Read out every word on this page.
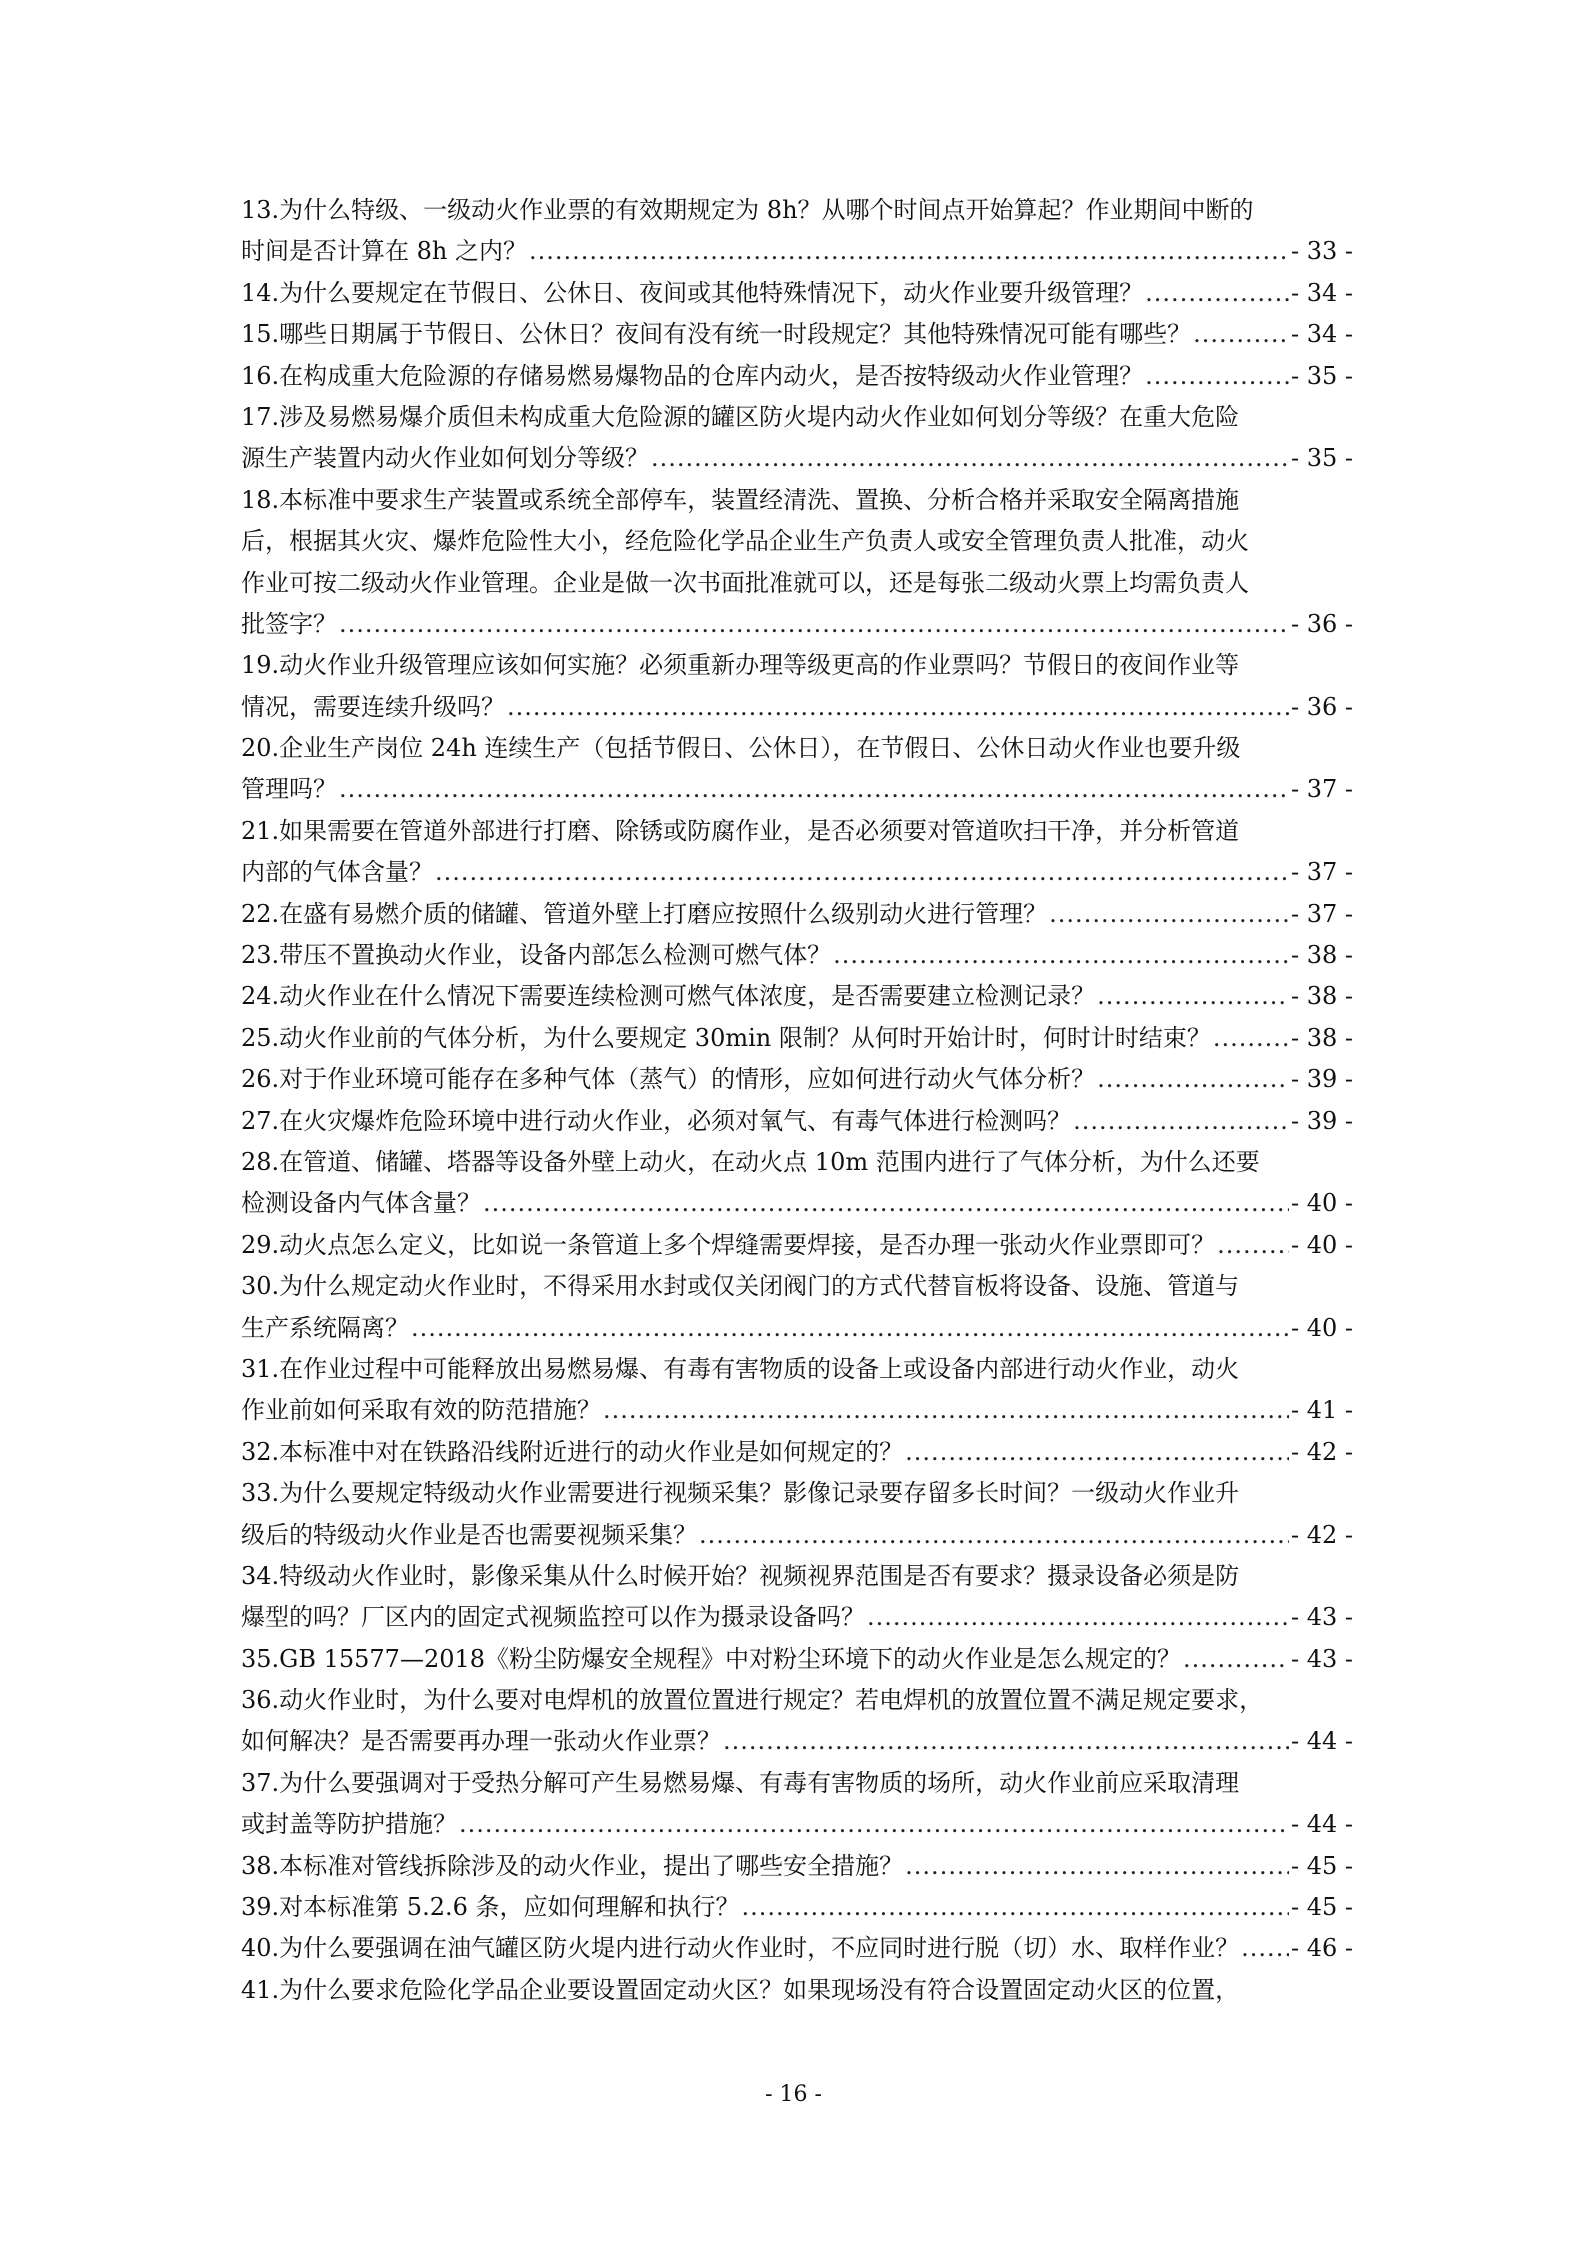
13.为什么特级、一级动火作业票的有效期规定为 8h？从哪个时间点开始算起？作业期间中断的
时间是否计算在 8h 之内？ .....	- 33 -
14.为什么要规定在节假日、公休日、夜间或其他特殊情况下，动火作业要升级管理？ .....	- 34 -
15.哪些日期属于节假日、公休日？夜间有没有统一时段规定？其他特殊情况可能有哪些？ .....	- 34 -
16.在构成重大危险源的存储易燃易爆物品的仓库内动火，是否按特级动火作业管理？ .....	- 35 -
17.涉及易燃易爆介质但未构成重大危险源的罐区防火堤内动火作业如何划分等级？在重大危险
源生产装置内动火作业如何划分等级？ .....	- 35 -
18.本标准中要求生产装置或系统全部停车，装置经清洗、置换、分析合格并采取安全隔离措施
后，根据其火灾、爆炸危险性大小，经危险化学品企业生产负责人或安全管理负责人批准，动火
作业可按二级动火作业管理。企业是做一次书面批准就可以，还是每张二级动火票上均需负责人
批签字？ .....	- 36 -
19.动火作业升级管理应该如何实施？必须重新办理等级更高的作业票吗？节假日的夜间作业等
情况，需要连续升级吗？ .....	- 36 -
20.企业生产岗位 24h 连续生产（包括节假日、公休日），在节假日、公休日动火作业也要升级
管理吗？ .....	- 37 -
21.如果需要在管道外部进行打磨、除锈或防腐作业，是否必须要对管道吹扫干净，并分析管道
内部的气体含量？ .....	- 37 -
22.在盛有易燃介质的储罐、管道外壁上打磨应按照什么级别动火进行管理？ .....	- 37 -
23.带压不置换动火作业，设备内部怎么检测可燃气体？ .....	- 38 -
24.动火作业在什么情况下需要连续检测可燃气体浓度，是否需要建立检测记录？ .....	- 38 -
25.动火作业前的气体分析，为什么要规定 30min 限制？从何时开始计时，何时计时结束？ .....	- 38 -
26.对于作业环境可能存在多种气体（蒸气）的情形，应如何进行动火气体分析？ .....	- 39 -
27.在火灾爆炸危险环境中进行动火作业，必须对氧气、有毒气体进行检测吗？ .....	- 39 -
28.在管道、储罐、塔器等设备外壁上动火，在动火点 10m 范围内进行了气体分析，为什么还要
检测设备内气体含量？ .....	- 40 -
29.动火点怎么定义，比如说一条管道上多个焊缝需要焊接，是否办理一张动火作业票即可？ .....	- 40 -
30.为什么规定动火作业时，不得采用水封或仅关闭阀门的方式代替盲板将设备、设施、管道与
生产系统隔离？ .....	- 40 -
31.在作业过程中可能释放出易燃易爆、有毒有害物质的设备上或设备内部进行动火作业，动火
作业前如何采取有效的防范措施？ .....	- 41 -
32.本标准中对在铁路沿线附近进行的动火作业是如何规定的？ .....	- 42 -
33.为什么要规定特级动火作业需要进行视频采集？影像记录要存留多长时间？一级动火作业升
级后的特级动火作业是否也需要视频采集？ .....	- 42 -
34.特级动火作业时，影像采集从什么时候开始？视频视界范围是否有要求？摄录设备必须是防
爆型的吗？厂区内的固定式视频监控可以作为摄录设备吗？ .....	- 43 -
35.GB 15577—2018《粉尘防爆安全规程》中对粉尘环境下的动火作业是怎么规定的？ .....	- 43 -
36.动火作业时，为什么要对电焊机的放置位置进行规定？若电焊机的放置位置不满足规定要求，
如何解决？是否需要再办理一张动火作业票？ .....	- 44 -
37.为什么要强调对于受热分解可产生易燃易爆、有毒有害物质的场所，动火作业前应采取清理
或封盖等防护措施？ .....	- 44 -
38.本标准对管线拆除涉及的动火作业，提出了哪些安全措施？ .....	- 45 -
39.对本标准第 5.2.6 条，应如何理解和执行？ .....	- 45 -
40.为什么要强调在油气罐区防火堤内进行动火作业时，不应同时进行脱（切）水、取样作业？ ..... - 46 -
41.为什么要求危险化学品企业要设置固定动火区？如果现场没有符合设置固定动火区的位置，
- 16 -
